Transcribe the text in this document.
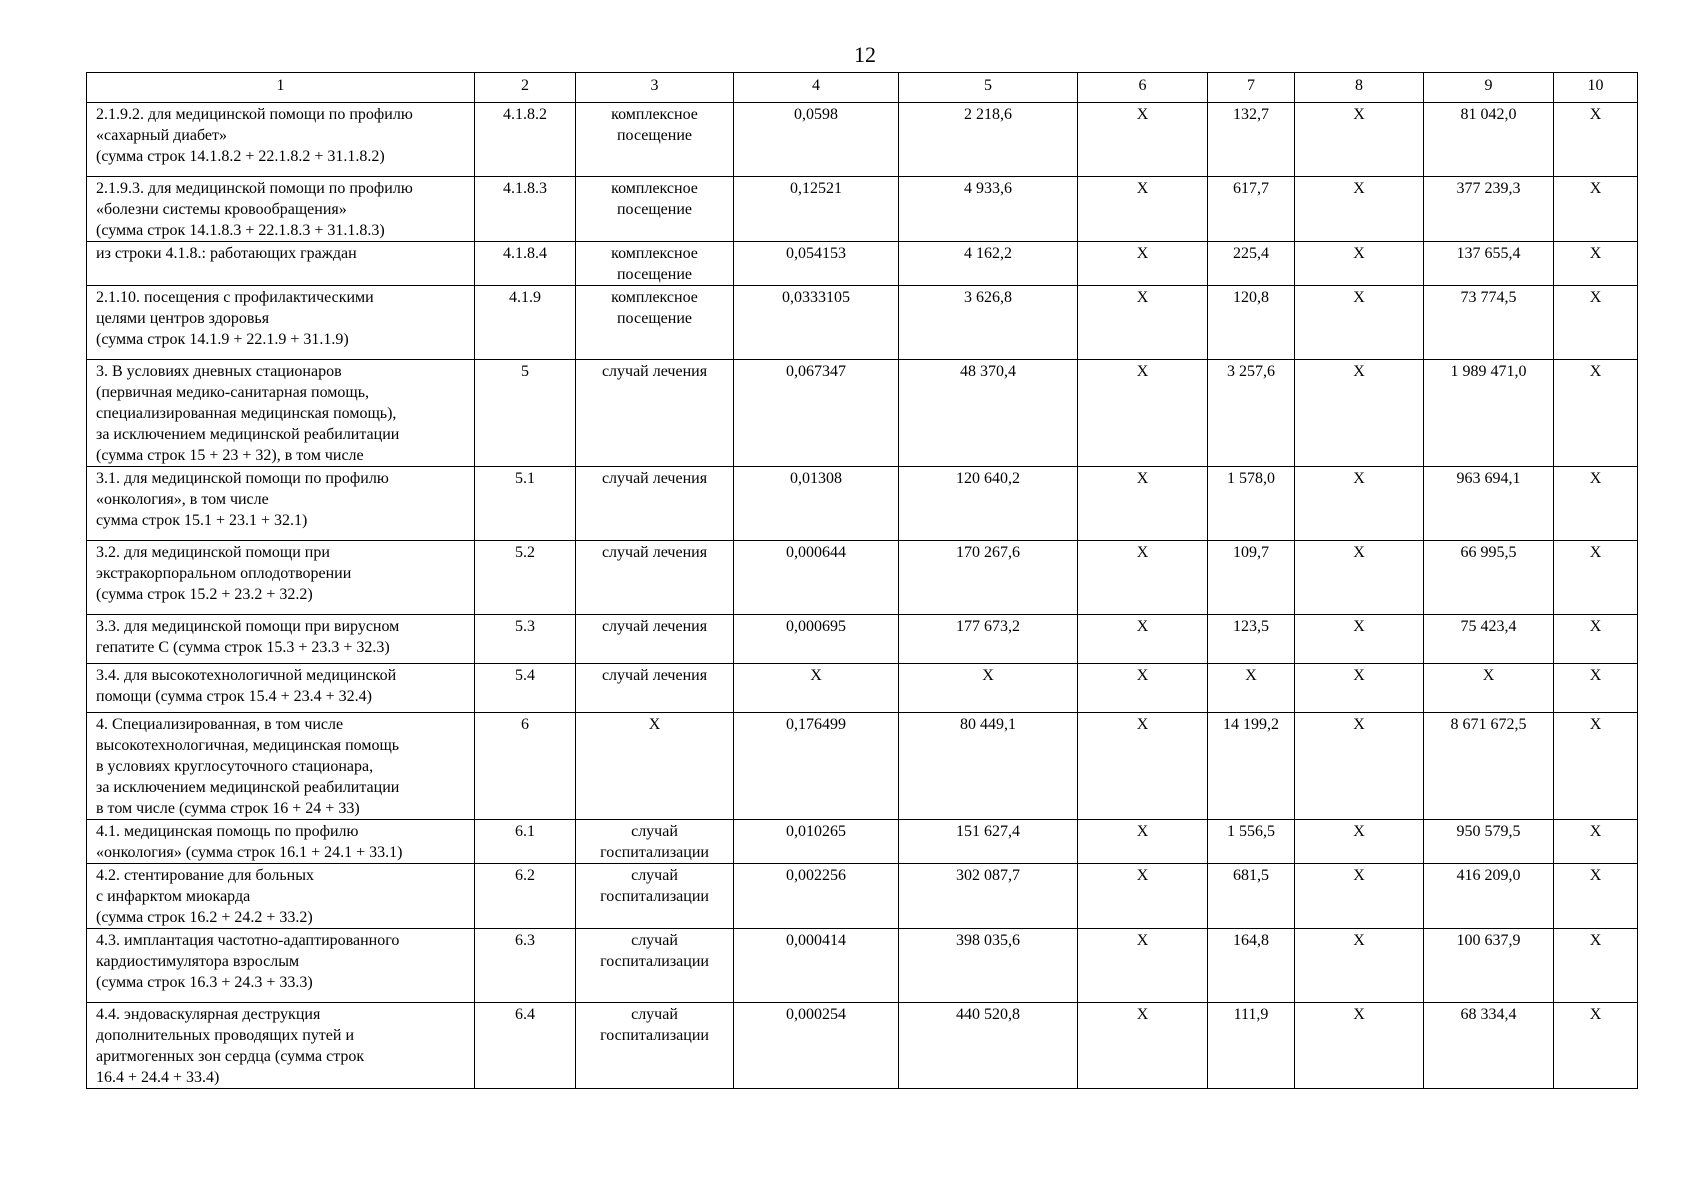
12
1	2	3	4	5	6	7	8	9	10
2.1.9.2. для медицинской помощи по профилю
«сахарный диабет»
(сумма строк 14.1.8.2 + 22.1.8.2 + 31.1.8.2)	4.1.8.2	комплексное
посещение	0,0598	2 218,6	Х	132,7	Х	81 042,0	Х
2.1.9.3. для медицинской помощи по профилю
«болезни системы кровообращения»
(сумма строк 14.1.8.3 + 22.1.8.3 + 31.1.8.3)	4.1.8.3	комплексное
посещение	0,12521	4 933,6	Х	617,7	Х	377 239,3	Х
из строки 4.1.8.: работающих граждан	4.1.8.4	комплексное
посещение	0,054153	4 162,2	Х	225,4	Х	137 655,4	Х
2.1.10. посещения с профилактическими
целями центров здоровья
(сумма строк 14.1.9 + 22.1.9 + 31.1.9)	4.1.9	комплексное
посещение	0,0333105	3 626,8	Х	120,8	Х	73 774,5	Х
3. В условиях дневных стационаров
(первичная медико-санитарная помощь,
специализированная медицинская помощь),
за исключением медицинской реабилитации
(сумма строк 15 + 23 + 32), в том числе	5	случай лечения	0,067347	48 370,4	Х	3 257,6	Х	1 989 471,0	Х
3.1. для медицинской помощи по профилю
«онкология», в том числе
сумма строк 15.1 + 23.1 + 32.1)	5.1	случай лечения	0,01308	120 640,2	Х	1 578,0	Х	963 694,1	Х
3.2. для медицинской помощи при
экстракорпоральном оплодотворении
(сумма строк 15.2 + 23.2 + 32.2)	5.2	случай лечения	0,000644	170 267,6	Х	109,7	Х	66 995,5	Х
3.3. для медицинской помощи при вирусном
гепатите С (сумма строк 15.3 + 23.3 + 32.3)	5.3	случай лечения	0,000695	177 673,2	Х	123,5	Х	75 423,4	Х
3.4. для высокотехнологичной медицинской
помощи (сумма строк 15.4 + 23.4 + 32.4)	5.4	случай лечения	Х	Х	Х	Х	Х	Х	Х
4. Специализированная, в том числе
высокотехнологичная, медицинская помощь
в условиях круглосуточного стационара,
за исключением медицинской реабилитации
в том числе (сумма строк 16 + 24 + 33)	6	Х	0,176499	80 449,1	Х	14 199,2	Х	8 671 672,5	Х
4.1. медицинская помощь по профилю
«онкология» (сумма строк 16.1 + 24.1 + 33.1)	6.1	случай
госпитализации	0,010265	151 627,4	Х	1 556,5	Х	950 579,5	Х
4.2. стентирование для больных
с инфарктом миокарда
(сумма строк 16.2 + 24.2 + 33.2)	6.2	случай
госпитализации	0,002256	302 087,7	Х	681,5	Х	416 209,0	Х
4.3. имплантация частотно-адаптированного
кардиостимулятора взрослым
(сумма строк 16.3 + 24.3 + 33.3)	6.3	случай
госпитализации	0,000414	398 035,6	Х	164,8	Х	100 637,9	Х
4.4. эндоваскулярная деструкция
дополнительных проводящих путей и
аритмогенных зон сердца (сумма строк
16.4 + 24.4 + 33.4)	6.4	случай
госпитализации	0,000254	440 520,8	Х	111,9	Х	68 334,4	Х
